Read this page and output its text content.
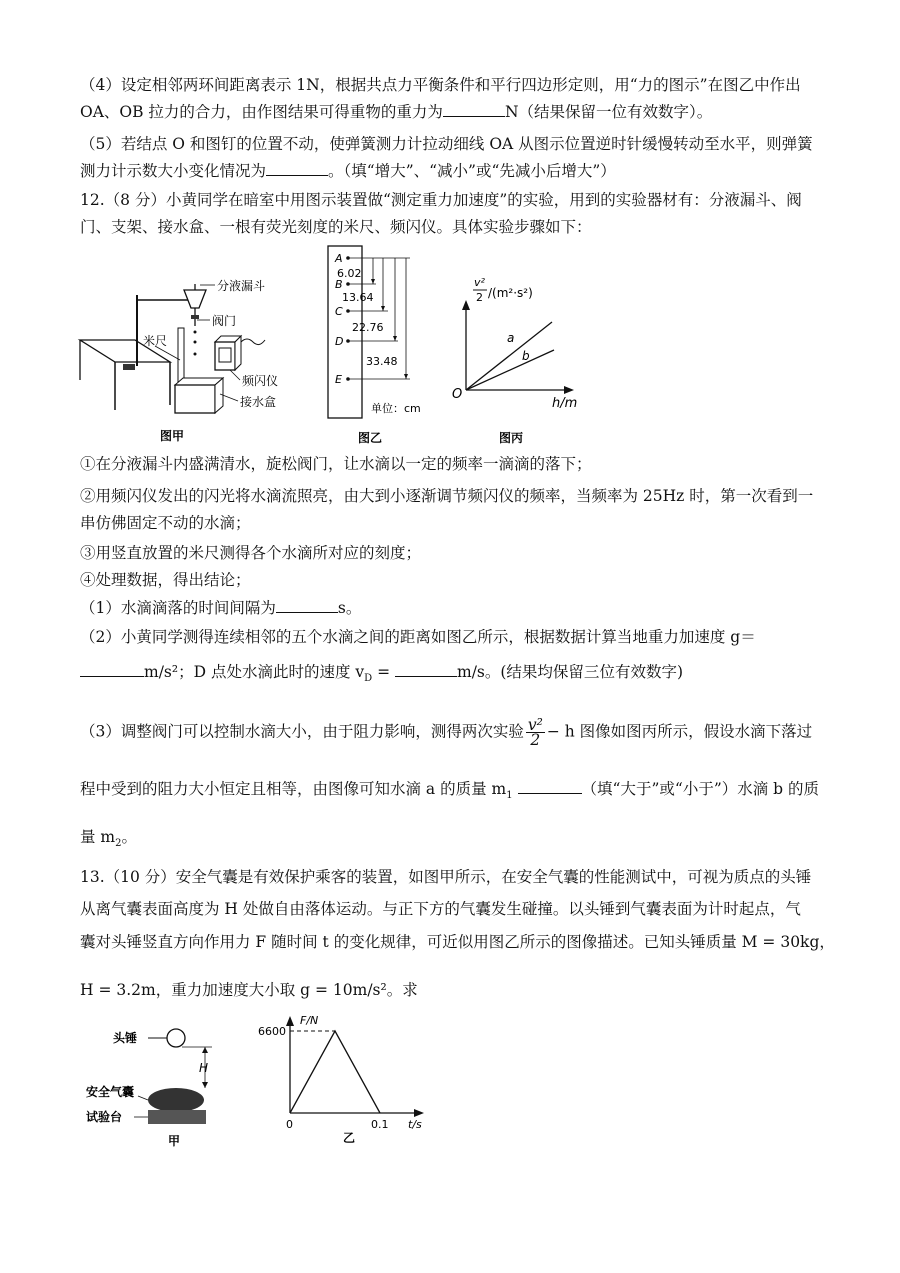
（4）设定相邻两环间距离表示 1N，根据共点力平衡条件和平行四边形定则，用“力的图示”在图乙中作出
OA、OB 拉力的合力，由作图结果可得重物的重力为	N（结果保留一位有效数字）。
（5）若结点 O 和图钉的位置不动，使弹簧测力计拉动细线 OA 从图示位置逆时针缓慢转动至水平，则弹簧
测力计示数大小变化情况为	。（填“增大”、“减小”或“先减小后增大”）
12.（8 分）小黄同学在暗室中用图示装置做“测定重力加速度”的实验，用到的实验器材有：分液漏斗、阀
门、支架、接水盒、一根有荧光刻度的米尺、频闪仪。具体实验步骤如下：
分液漏斗
阀门
米尺
频闪仪
接水盒
图甲
A
B
C
D
E
6.02
13.64
22.76
33.48
单位：cm
图乙
a
b
O
h/m
v²
2 /(m²·s²)
图丙
①在分液漏斗内盛满清水，旋松阀门，让水滴以一定的频率一滴滴的落下；
②用频闪仪发出的闪光将水滴流照亮，由大到小逐渐调节频闪仪的频率，当频率为 25Hz 时，第一次看到一
串仿佛固定不动的水滴；
③用竖直放置的米尺测得各个水滴所对应的刻度；
④处理数据，得出结论；
（1）水滴滴落的时间间隔为	s。
（2）小黄同学测得连续相邻的五个水滴之间的距离如图乙所示，根据数据计算当地重力加速度 g＝
m/s²；D 点处水滴此时的速度 $v_D$ =	m/s。(结果均保留三位有效数字)
（3）调整阀门可以控制水滴大小，由于阻力影响，测得两次实验 $\frac{\text{v²}}{2} - h$ 图像如图丙所示，假设水滴下落过
程中受到的阻力大小恒定且相等，由图像可知水滴 a 的质量 $m_1$	（填“大于”或“小于”）水滴 b 的质
量 $m_2$。
13.（10 分）安全气囊是有效保护乘客的装置，如图甲所示，在安全气囊的性能测试中，可视为质点的头锤
从离气囊表面高度为 H 处做自由落体运动。与正下方的气囊发生碰撞。以头锤到气囊表面为计时起点，气
囊对头锤竖直方向作用力 F 随时间 t 的变化规律，可近似用图乙所示的图像描述。已知头锤质量 M = 30kg，
H = 3.2m，重力加速度大小取 g = 10m/s²。求
H
头锤
安全气囊
试验台
甲
F/N
6600
0	0.1 t/s
乙
